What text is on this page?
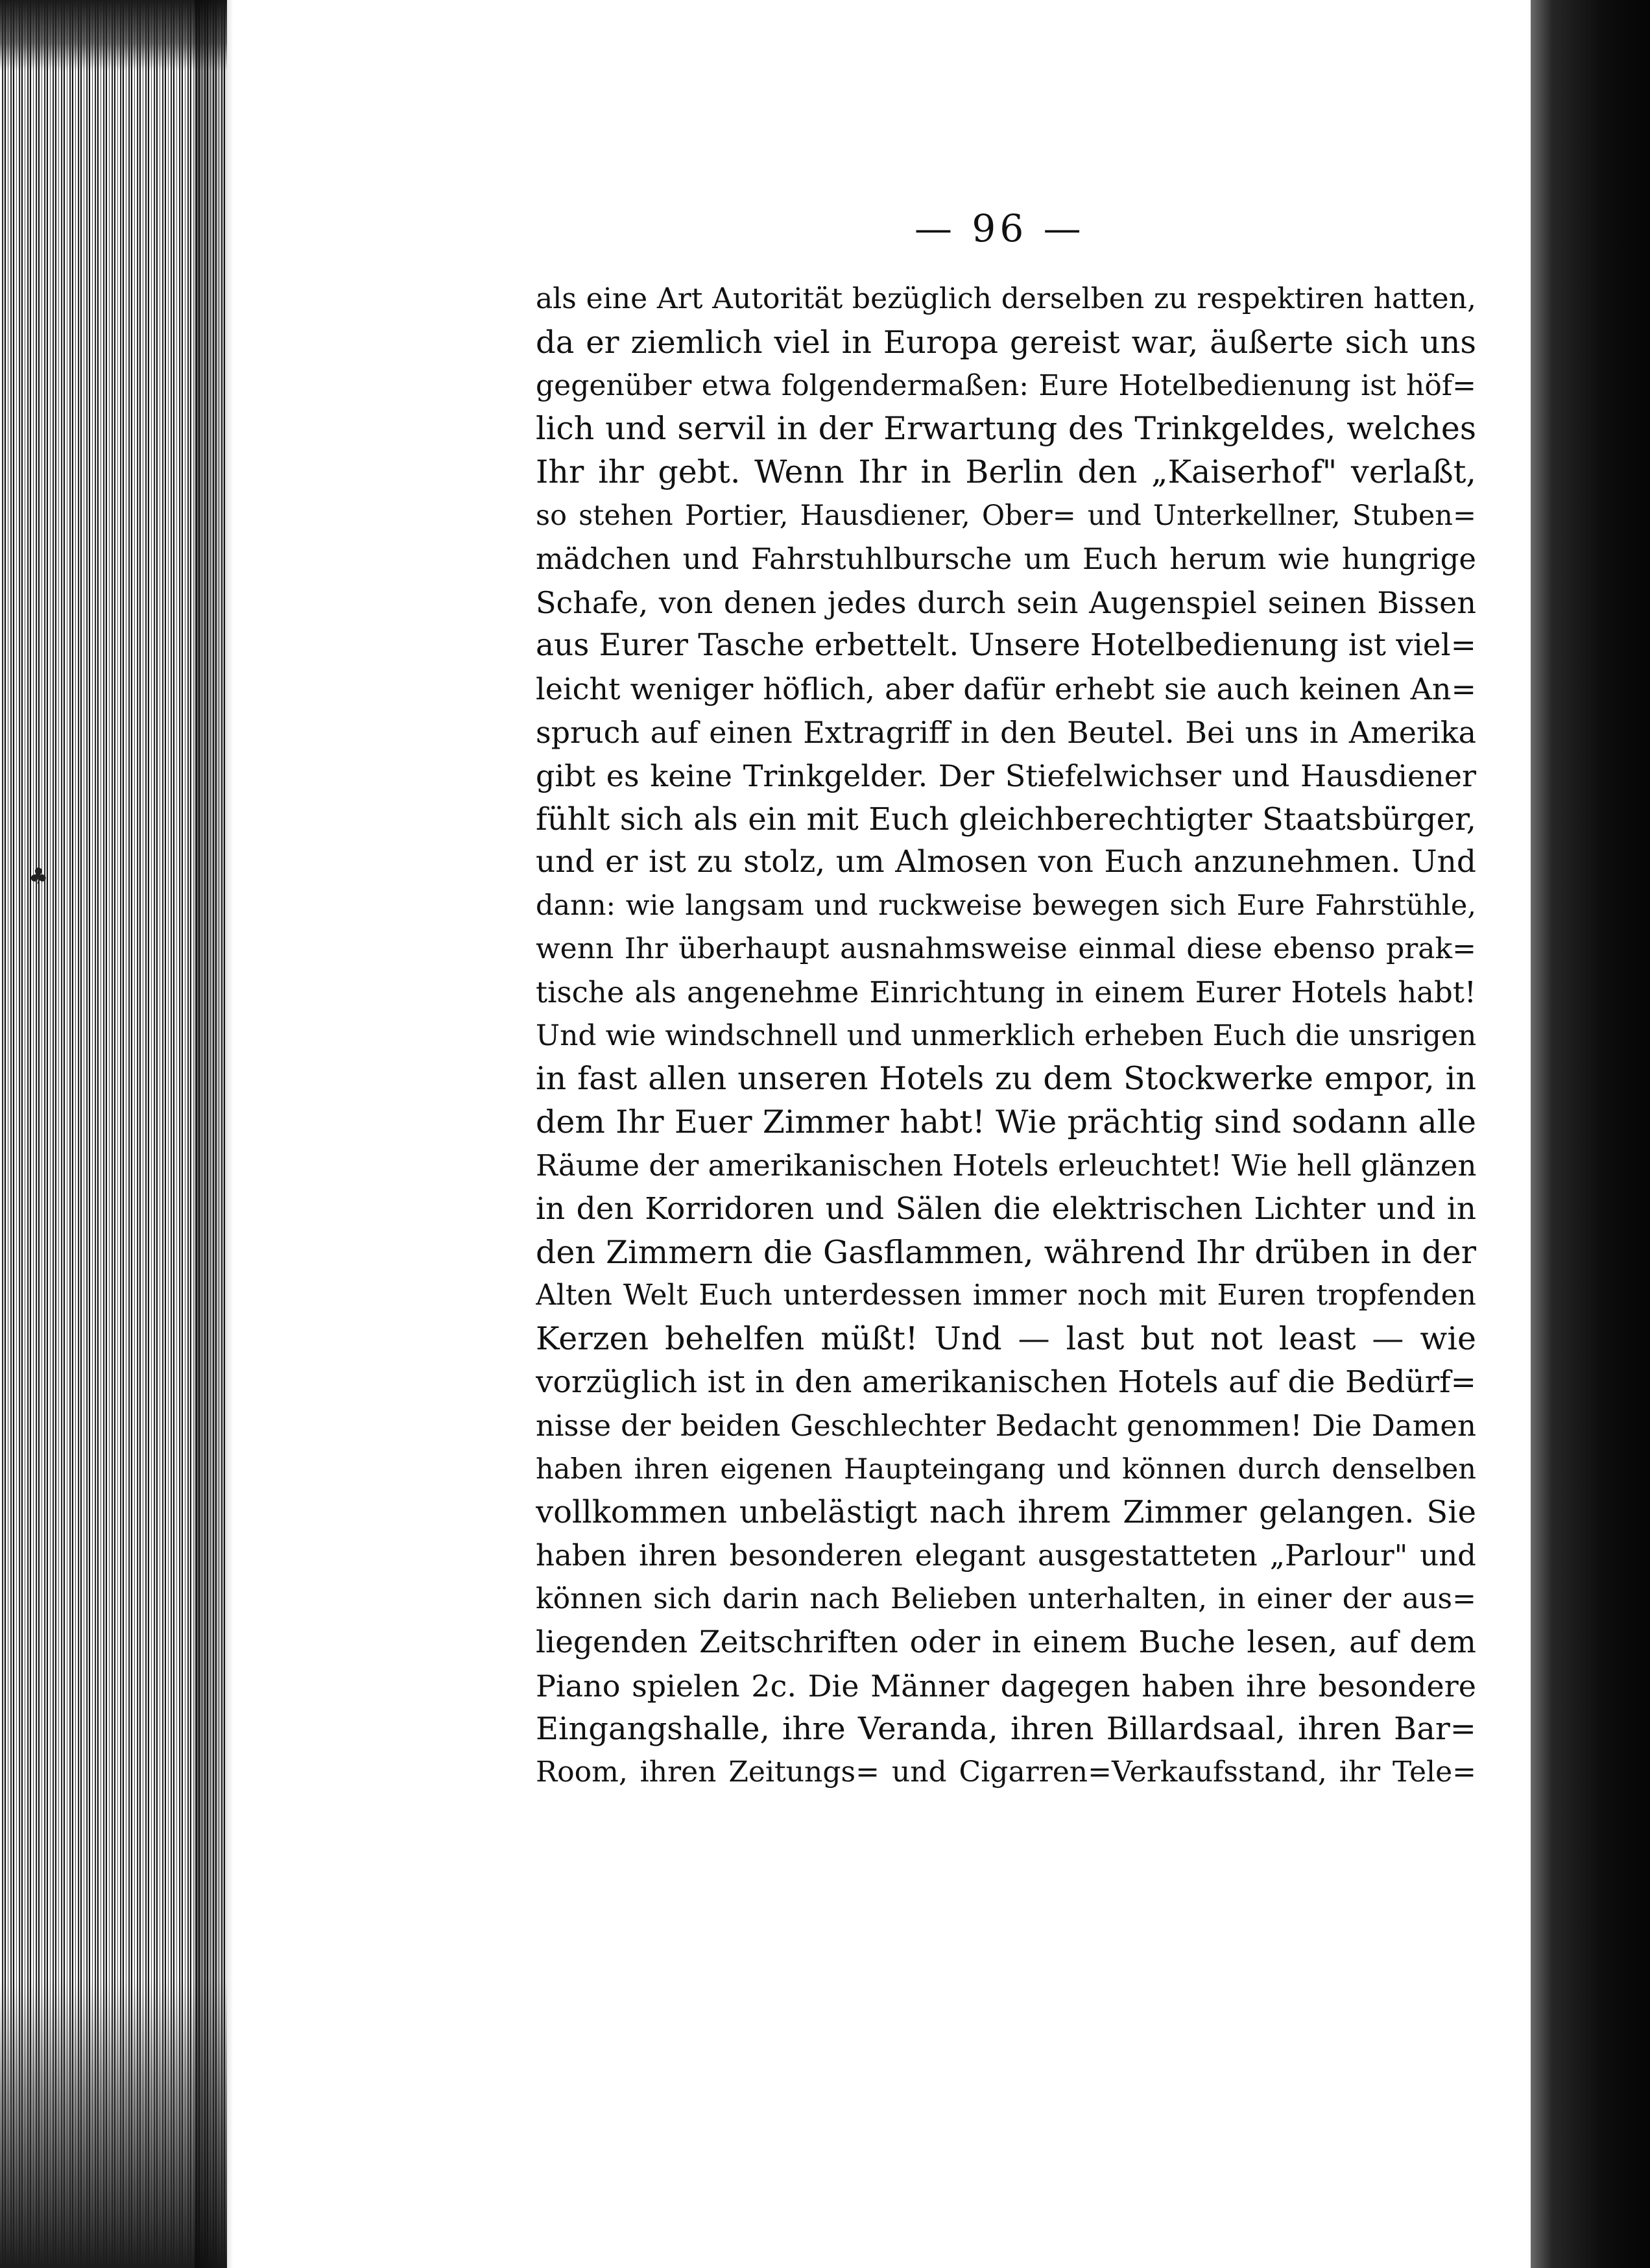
♣
— 96 —
als eine Art Autorität bezüglich derselben zu respektiren hatten,
da er ziemlich viel in Europa gereist war, äußerte sich uns
gegenüber etwa folgendermaßen: Eure Hotelbedienung ist höf=
lich und servil in der Erwartung des Trinkgeldes, welches
Ihr ihr gebt. Wenn Ihr in Berlin den „Kaiserhof" verlaßt,
so stehen Portier, Hausdiener, Ober= und Unterkellner, Stuben=
mädchen und Fahrstuhlbursche um Euch herum wie hungrige
Schafe, von denen jedes durch sein Augenspiel seinen Bissen
aus Eurer Tasche erbettelt. Unsere Hotelbedienung ist viel=
leicht weniger höflich, aber dafür erhebt sie auch keinen An=
spruch auf einen Extragriff in den Beutel. Bei uns in Amerika
gibt es keine Trinkgelder. Der Stiefelwichser und Hausdiener
fühlt sich als ein mit Euch gleichberechtigter Staatsbürger,
und er ist zu stolz, um Almosen von Euch anzunehmen. Und
dann: wie langsam und ruckweise bewegen sich Eure Fahrstühle,
wenn Ihr überhaupt ausnahmsweise einmal diese ebenso prak=
tische als angenehme Einrichtung in einem Eurer Hotels habt!
Und wie windschnell und unmerklich erheben Euch die unsrigen
in fast allen unseren Hotels zu dem Stockwerke empor, in
dem Ihr Euer Zimmer habt! Wie prächtig sind sodann alle
Räume der amerikanischen Hotels erleuchtet! Wie hell glänzen
in den Korridoren und Sälen die elektrischen Lichter und in
den Zimmern die Gasflammen, während Ihr drüben in der
Alten Welt Euch unterdessen immer noch mit Euren tropfenden
Kerzen behelfen müßt! Und — last but not least — wie
vorzüglich ist in den amerikanischen Hotels auf die Bedürf=
nisse der beiden Geschlechter Bedacht genommen! Die Damen
haben ihren eigenen Haupteingang und können durch denselben
vollkommen unbelästigt nach ihrem Zimmer gelangen. Sie
haben ihren besonderen elegant ausgestatteten „Parlour" und
können sich darin nach Belieben unterhalten, in einer der aus=
liegenden Zeitschriften oder in einem Buche lesen, auf dem
Piano spielen 2c. Die Männer dagegen haben ihre besondere
Eingangshalle, ihre Veranda, ihren Billardsaal, ihren Bar=
Room, ihren Zeitungs= und Cigarren=Verkaufsstand, ihr Tele=
